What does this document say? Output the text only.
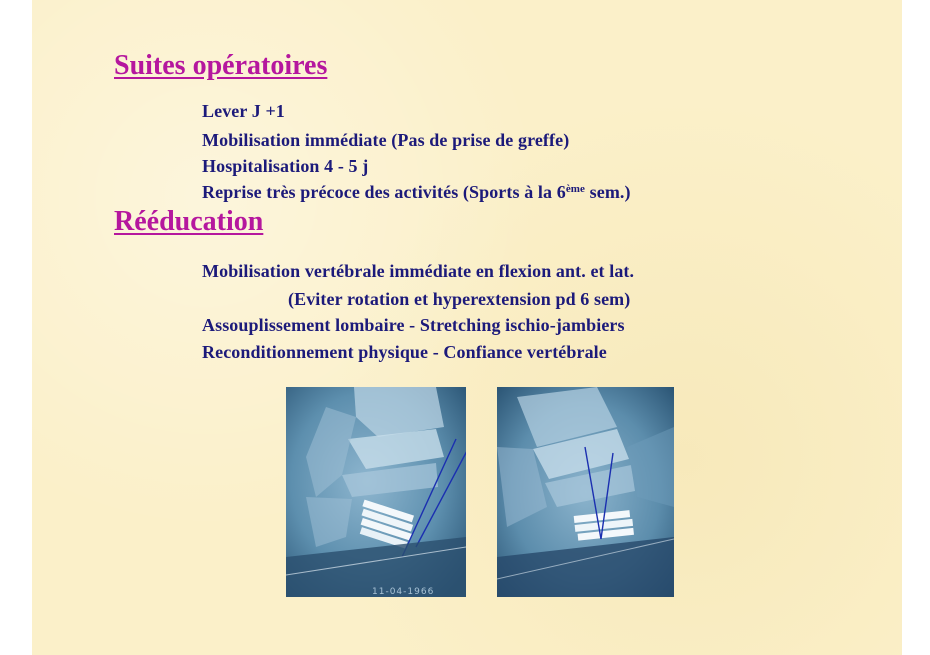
Suites opératoires
Lever J +1
Mobilisation immédiate (Pas de prise de greffe)
Hospitalisation 4 - 5 j
Reprise très précoce des activités (Sports à la 6ème sem.)
Rééducation
Mobilisation vertébrale immédiate en flexion ant. et lat.
(Eviter rotation et hyperextension pd 6 sem)
Assouplissement lombaire - Stretching ischio-jambiers
Reconditionnement physique - Confiance vertébrale
11-04-1966
